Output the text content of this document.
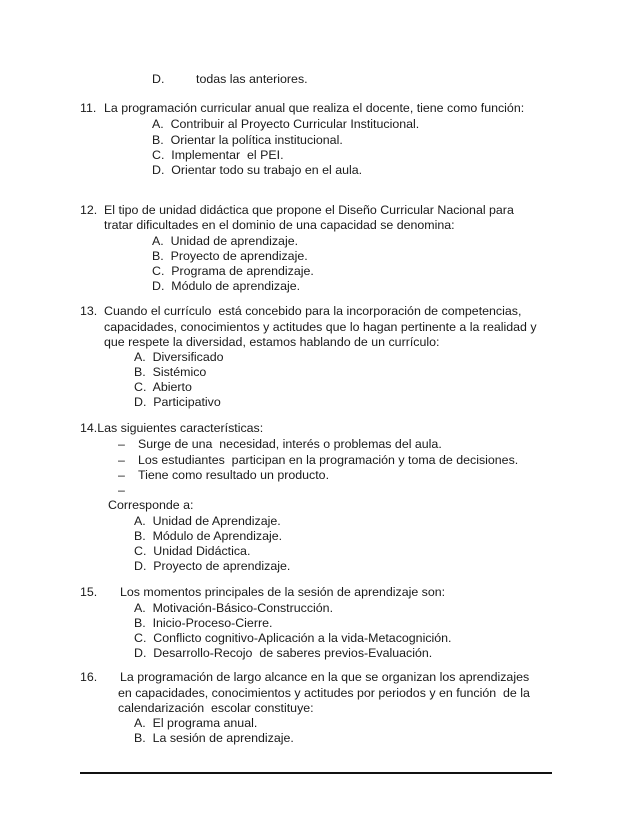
D.	todas las anteriores.
11. La programación curricular anual que realiza el docente, tiene como función:
A.  Contribuir al Proyecto Curricular Institucional.
B.  Orientar la política institucional.
C.  Implementar  el PEI.
D.  Orientar todo su trabajo en el aula.
12. El tipo de unidad didáctica que propone el Diseño Curricular Nacional para
tratar dificultades en el dominio de una capacidad se denomina:
A.  Unidad de aprendizaje.
B.  Proyecto de aprendizaje.
C.  Programa de aprendizaje.
D.  Módulo de aprendizaje.
13. Cuando el currículo  está concebido para la incorporación de competencias,
capacidades, conocimientos y actitudes que lo hagan pertinente a la realidad y
que respete la diversidad, estamos hablando de un currículo:
A.  Diversificado
B.  Sistémico
C.  Abierto
D.  Participativo
14.Las siguientes características:
– Surge de una  necesidad, interés o problemas del aula.
– Los estudiantes  participan en la programación y toma de decisiones.
– Tiene como resultado un producto.
–
Corresponde a:
A.  Unidad de Aprendizaje.
B.  Módulo de Aprendizaje.
C.  Unidad Didáctica.
D.  Proyecto de aprendizaje.
15. Los momentos principales de la sesión de aprendizaje son:
A.  Motivación-Básico-Construcción.
B.  Inicio-Proceso-Cierre.
C.  Conflicto cognitivo-Aplicación a la vida-Metacognición.
D.  Desarrollo-Recojo  de saberes previos-Evaluación.
16. La programación de largo alcance en la que se organizan los aprendizajes
en capacidades, conocimientos y actitudes por periodos y en función  de la
calendarización  escolar constituye:
A.  El programa anual.
B.  La sesión de aprendizaje.
